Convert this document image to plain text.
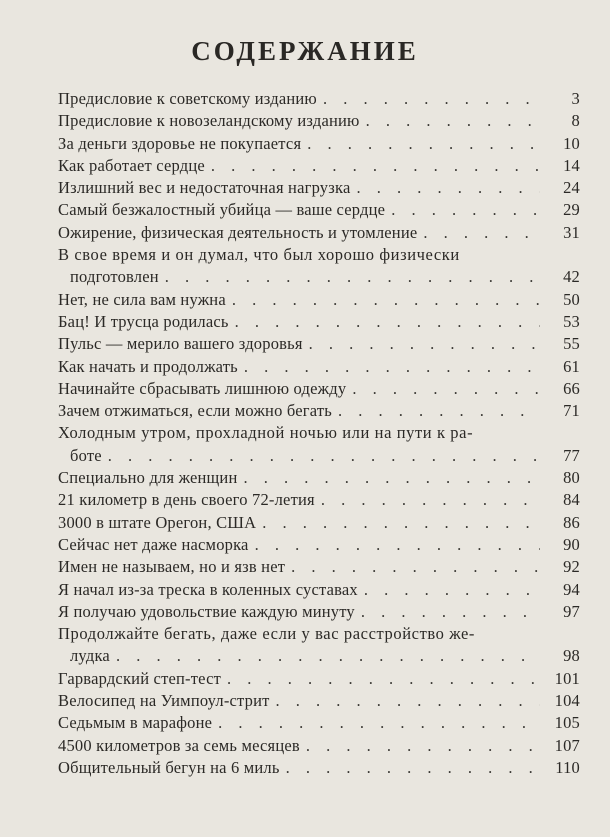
СОДЕРЖАНИЕ
Предисловие к советскому изданию . . .	3
Предисловие к новозеландскому изданию . . .	8
За деньги здоровье не покупается . . .	10
Как работает сердце . . .	14
Излишний вес и недостаточная нагрузка . . .	24
Самый безжалостный убийца — ваше сердце . . .	29
Ожирение, физическая деятельность и утомление . . .	31
В свое время и он думал, что был хорошо физически
подготовлен . . .	42
Нет, не сила вам нужна . . .	50
Бац! И трусца родилась . . .	53
Пульс — мерило вашего здоровья . . .	55
Как начать и продолжать . . .	61
Начинайте сбрасывать лишнюю одежду . . .	66
Зачем отжиматься, если можно бегать . . .	71
Холодным утром, прохладной ночью или на пути к ра-
боте . . .	77
Специально для женщин . . .	80
21 километр в день своего 72-летия . . .	84
3000 в штате Орегон, США . . .	86
Сейчас нет даже насморка . . .	90
Имен не называем, но и язв нет . . .	92
Я начал из-за треска в коленных суставах . . .	94
Я получаю удовольствие каждую минуту . . .	97
Продолжайте бегать, даже если у вас расстройство же-
лудка . . .	98
Гарвардский степ-тест . . .	101
Велосипед на Уимпоул-стрит . . .	104
Седьмым в марафоне . . .	105
4500 километров за семь месяцев . . .	107
Общительный бегун на 6 миль . . .	110
